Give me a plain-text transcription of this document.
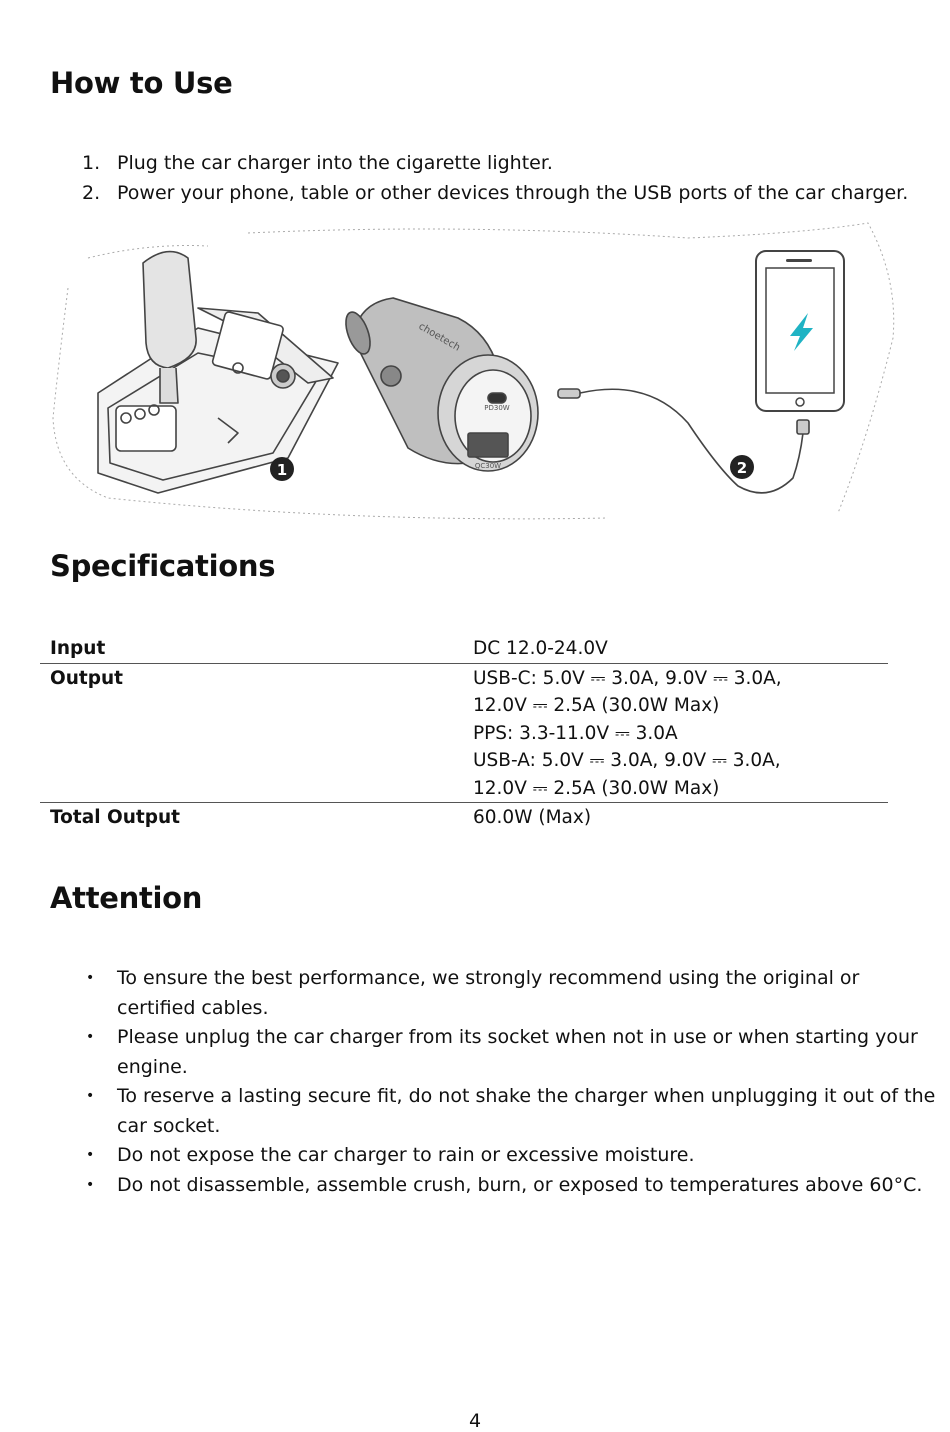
How to Use
1. Plug the car charger into the cigarette lighter.
2. Power your phone, table or other devices through the USB ports of the car charger.
1
PD30W
QC30W
choetech
2
Specifications
Input	DC 12.0-24.0V

Output	USB-C: 5.0V ⎓ 3.0A, 9.0V ⎓ 3.0A,
12.0V ⎓ 2.5A (30.0W Max)
PPS: 3.3-11.0V ⎓ 3.0A
USB-A: 5.0V ⎓ 3.0A, 9.0V ⎓ 3.0A,
12.0V ⎓ 2.5A (30.0W Max)

Total Output	60.0W (Max)
Attention
• To ensure the best performance, we strongly recommend using the original or
certified cables.
• Please unplug the car charger from its socket when not in use or when starting your
engine.
• To reserve a lasting secure fit, do not shake the charger when unplugging it out of the
car socket.
• Do not expose the car charger to rain or excessive moisture.
• Do not disassemble, assemble crush, burn, or exposed to temperatures above 60°C.
4
